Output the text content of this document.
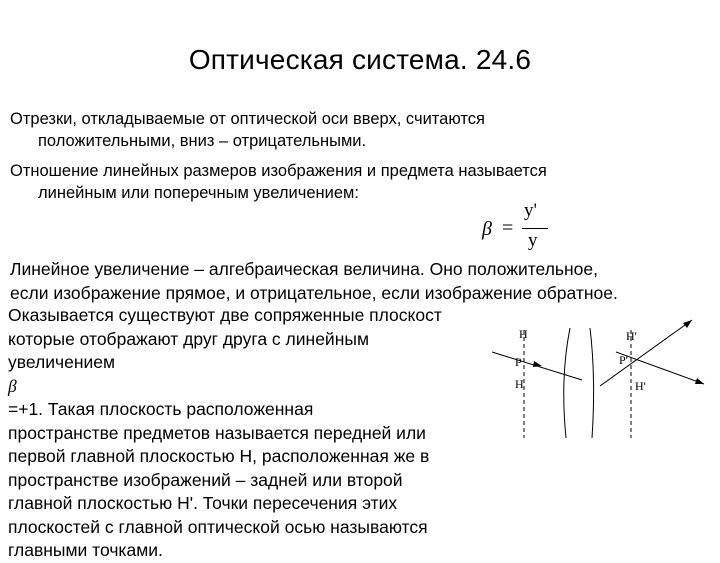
Оптическая система. 24.6
Отрезки, откладываемые от оптической оси вверх, считаются
положительными, вниз – отрицательными.
Отношение линейных размеров изображения и предмета называется
линейным или поперечным увеличением:
β =
y'
y
Линейное увеличение – алгебраическая величина. Оно положительное,
если изображение прямое, и отрицательное, если изображение обратное.
Оказывается существуют две сопряженные плоскост
которые отображают друг друга с линейным
увеличением
β
=+1. Такая плоскость расположенная
пространстве предметов называется передней или
первой главной плоскостью H, расположенная же в
пространстве изображений – задней или второй
главной плоскостью H'. Точки пересечения этих
плоскостей с главной оптической осью называются
главными точками.
H
P
H
H'
P'
H'
